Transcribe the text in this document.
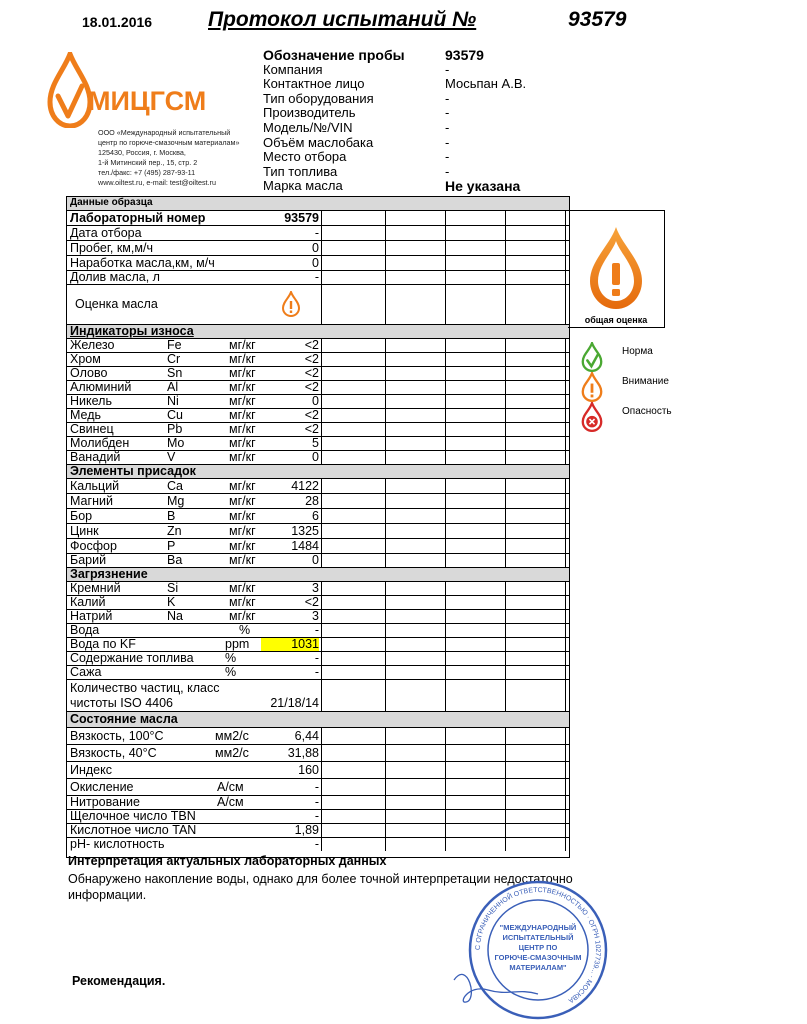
18.01.2016	Протокол испытаний №	93579
МИЦГСМ
ООО «Международный испытательный
центр по горюче-смазочным материалам»
125430, Россия, г. Москва,
1-й Митинский пер., 15, стр. 2
тел./факс: +7 (495) 287-93-11
www.oiltest.ru, e-mail: test@oiltest.ru
Обозначение пробы	93579
Компания	-
Контактное лицо	Мосьпан А.В.
Тип оборудования	-
Производитель	-
Модель/№/VIN	-
Объём маслобака	-
Место отбора	-
Тип топлива	-
Марка масла	Не указана
Данные образца
Лабораторный номер	93579
Дата отбора	-
Пробег, км,м/ч	0
Наработка масла,км, м/ч	0
Долив масла, л	-
Оценка масла
Индикаторы износа
Железо	Fe	мг/кг	<2
Хром	Cr	мг/кг	<2
Олово	Sn	мг/кг	<2
Алюминий	Al	мг/кг	<2
Никель	Ni	мг/кг	0
Медь	Cu	мг/кг	<2
Свинец	Pb	мг/кг	<2
Молибден	Mo	мг/кг	5
Ванадий	V	мг/кг	0
Элементы присадок
Кальций	Ca	мг/кг	4122
Магний	Mg	мг/кг	28
Бор	B	мг/кг	6
Цинк	Zn	мг/кг	1325
Фосфор	P	мг/кг	1484
Барий	Ba	мг/кг	0
Загрязнение
Кремний	Si	мг/кг	3
Калий	K	мг/кг	<2
Натрий	Na	мг/кг	3
Вода	%	-
Вода по KF	ppm	1031
Содержание топлива	%	-
Сажа	%	-
Количество частиц, класс
чистоты ISO 4406	21/18/14
Состояние масла
Вязкость, 100°C	мм2/с	6,44
Вязкость, 40°C	мм2/с	31,88
Индекс	160
Окисление	А/см	-
Нитрование	А/см	-
Щелочное число TBN	-
Кислотное число TAN	1,89
pH- кислотность	-
общая оценка
Норма
Внимание
Опасность
Интерпретация актуальных лабораторных данных
Обнаружено накопление воды, однако для более точной интерпретации недостаточно информации.
Рекомендация.
С ОГРАНИЧЕННОЙ ОТВЕТСТВЕННОСТЬЮ · ОГРН 1027739... · МОСКВА
"МЕЖДУНАРОДНЫЙ
ИСПЫТАТЕЛЬНЫЙ
ЦЕНТР ПО
ГОРЮЧЕ-СМАЗОЧНЫМ
МАТЕРИАЛАМ"
